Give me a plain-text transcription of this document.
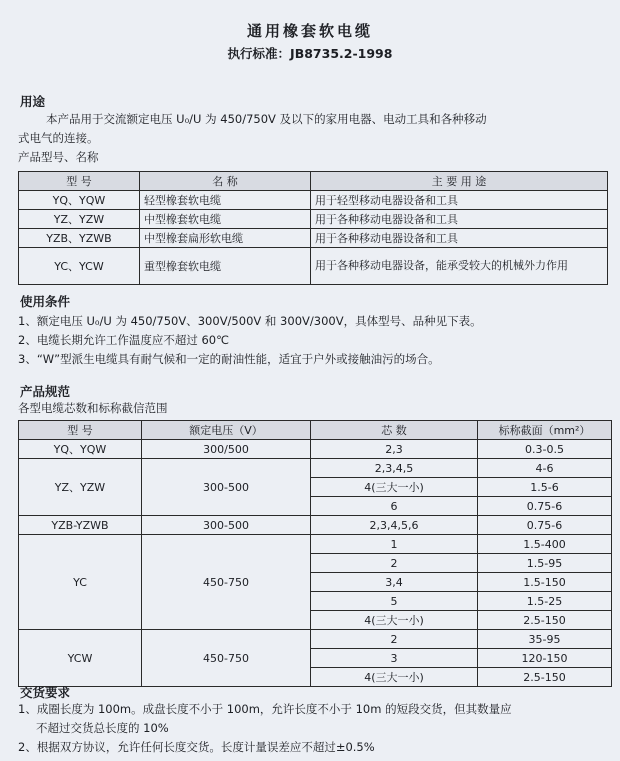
通用橡套软电缆
执行标准：JB8735.2-1998
用途

本产品用于交流额定电压 U₀/U 为 450/750V 及以下的家用电器、电动工具和各种移动

式电气的连接。

产品型号、名称

型 号	名 称	主 要 用 途
YQ、YQW	轻型橡套软电缆	用于轻型移动电器设备和工具
YZ、YZW	中型橡套软电缆	用于各种移动电器设备和工具
YZB、YZWB	中型橡套扁形软电缆	用于各种移动电器设备和工具
YC、YCW	重型橡套软电缆	用于各种移动电器设备，能承受较大的机械外力作用
使用条件

1、额定电压 U₀/U 为 450/750V、300V/500V 和 300V/300V，具体型号、品种见下表。

2、电缆长期允许工作温度应不超过 60℃

3、“W”型派生电缆具有耐气候和一定的耐油性能，适宜于户外或接触油污的场合。

产品规范
各型电缆芯数和标称截信范围
型 号	额定电压（V）	芯 数	标称截面（mm²）
YQ、YQW	300/500	2,3	0.3-0.5
YZ、YZW	300-500	2,3,4,5	4-6
		4(三大一小)	1.5-6
		6	0.75-6
YZB-YZWB	300-500	2,3,4,5,6	0.75-6
YC	450-750	1	1.5-400
		2	1.5-95
		3,4	1.5-150
		5	1.5-25
		4(三大一小)	2.5-150
YCW	450-750	2	35-95
		3	120-150
		4(三大一小)	2.5-150
交货要求

1、成圈长度为 100m。成盘长度不小于 100m，允许长度不小于 10m 的短段交货，但其数量应

不超过交货总长度的 10%

2、根据双方协议，允许任何长度交货。长度计量误差应不超过±0.5%
